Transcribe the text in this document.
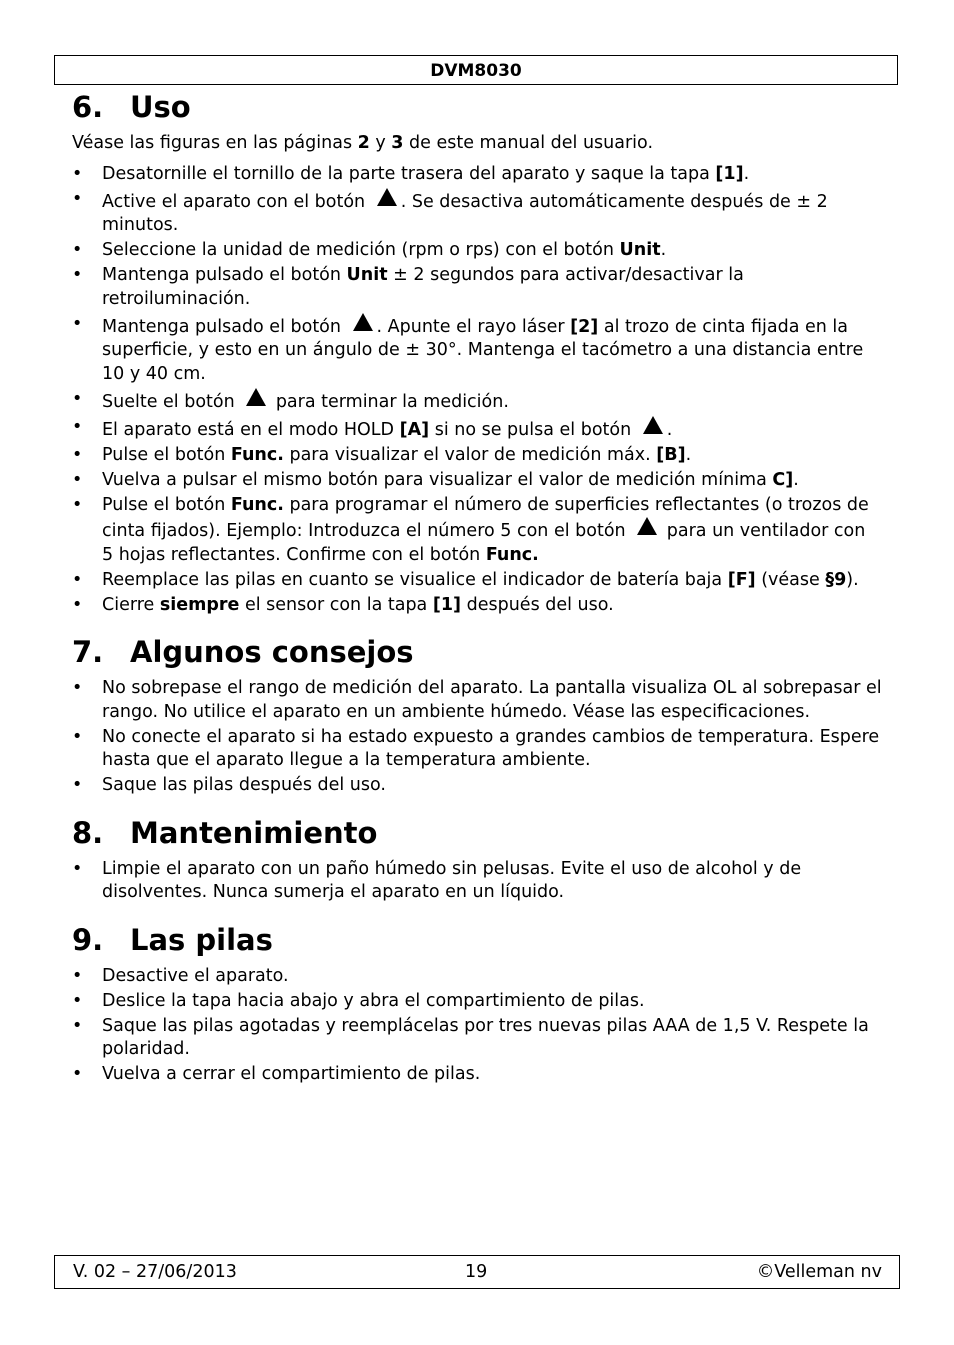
DVM8030
6. Uso

Véase las figuras en las páginas 2 y 3 de este manual del usuario.

• Desatornille el tornillo de la parte trasera del aparato y saque la tapa [1].
• Active el aparato con el botón . Se desactiva automáticamente después de ± 2 minutos.
• Seleccione la unidad de medición (rpm o rps) con el botón Unit.
• Mantenga pulsado el botón Unit ± 2 segundos para activar/desactivar la retroiluminación.
• Mantenga pulsado el botón . Apunte el rayo láser [2] al trozo de cinta fijada en la superficie, y esto en un ángulo de ± 30°. Mantenga el tacómetro a una distancia entre 10 y 40 cm.
• Suelte el botón  para terminar la medición.
• El aparato está en el modo HOLD [A] si no se pulsa el botón .
• Pulse el botón Func. para visualizar el valor de medición máx. [B].
• Vuelva a pulsar el mismo botón para visualizar el valor de medición mínima C].
• Pulse el botón Func. para programar el número de superficies reflectantes (o trozos de cinta fijados). Ejemplo: Introduzca el número 5 con el botón  para un ventilador con 5 hojas reflectantes. Confirme con el botón Func.
• Reemplace las pilas en cuanto se visualice el indicador de batería baja [F] (véase §9).
• Cierre siempre el sensor con la tapa [1] después del uso.
7. Algunos consejos
• No sobrepase el rango de medición del aparato. La pantalla visualiza OL al sobrepasar el rango. No utilice el aparato en un ambiente húmedo. Véase las especificaciones.
• No conecte el aparato si ha estado expuesto a grandes cambios de temperatura. Espere hasta que el aparato llegue a la temperatura ambiente.
• Saque las pilas después del uso.
8. Mantenimiento
• Limpie el aparato con un paño húmedo sin pelusas. Evite el uso de alcohol y de disolventes. Nunca sumerja el aparato en un líquido.
9. Las pilas
• Desactive el aparato.
• Deslice la tapa hacia abajo y abra el compartimiento de pilas.
• Saque las pilas agotadas y reemplácelas por tres nuevas pilas AAA de 1,5 V. Respete la polaridad.
• Vuelva a cerrar el compartimiento de pilas.
V. 02 – 27/06/2013	19	©Velleman nv
